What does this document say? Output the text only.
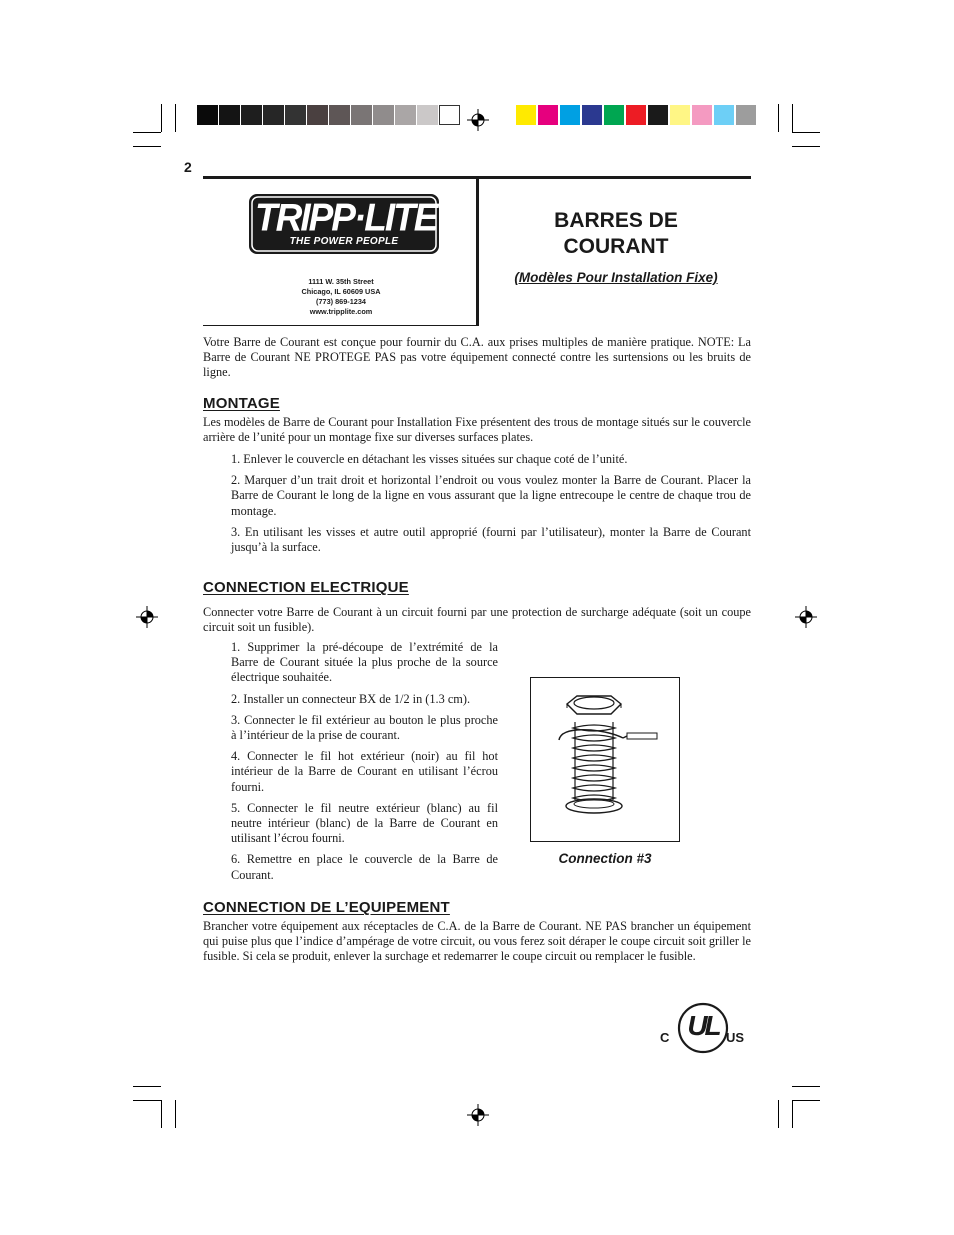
2
TRIPP·LITE
THE POWER PEOPLE
1111 W. 35th Street
Chicago, IL 60609 USA
(773) 869-1234
www.tripplite.com
BARRES DE
COURANT
(Modèles Pour Installation Fixe)
Votre Barre de Courant est conçue pour fournir du C.A. aux prises multiples de manière pratique. NOTE: La Barre de Courant NE PROTEGE PAS pas votre équipement connecté contre les surtensions ou les bruits de ligne.
MONTAGE
Les modèles de Barre de Courant pour Installation Fixe présentent des trous de montage situés sur le couvercle arrière de l’unité pour un montage fixe sur diverses surfaces plates.

1. Enlever le couvercle en détachant les visses situées sur chaque coté de l’unité.

2. Marquer d’un trait droit et horizontal l’endroit ou vous voulez monter la Barre de Courant. Placer la Barre de Courant le long de la ligne en vous assurant que la ligne entrecoupe le centre de chaque trou de montage.

3. En utilisant les visses et autre outil approprié (fourni par l’utilisateur), monter la Barre de Courant jusqu’à la surface.

CONNECTION ELECTRIQUE
Connecter votre Barre de Courant à un circuit fourni par une protection de surcharge adéquate (soit un coupe circuit soit un fusible).

1. Supprimer la pré-découpe de l’extrémité de la Barre de Courant située la plus proche de la source électrique souhaitée.

2. Installer un connecteur BX de 1/2 in (1.3 cm).

3. Connecter le fil extérieur au bouton le plus proche à l’intérieur de la prise de courant.

4. Connecter le fil hot extérieur (noir) au fil hot intérieur de la Barre de Courant en utilisant l’écrou fourni.

5. Connecter le fil neutre extérieur (blanc) au fil neutre intérieur (blanc) de la Barre de Courant en utilisant l’écrou fourni.

6. Remettre en place le couvercle de la Barre de Courant.

Connection #3
CONNECTION DE L’EQUIPEMENT
Brancher votre équipement aux réceptacles de C.A. de la Barre de Courant. NE PAS brancher un équipement qui puise plus que l’indice d’ampérage de votre circuit, ou vous ferez soit déraper le coupe circuit soit griller le fusible. Si cela se produit, enlever la surchage et redemarrer le coupe circuit ou remplacer le fusible.
C UL US
